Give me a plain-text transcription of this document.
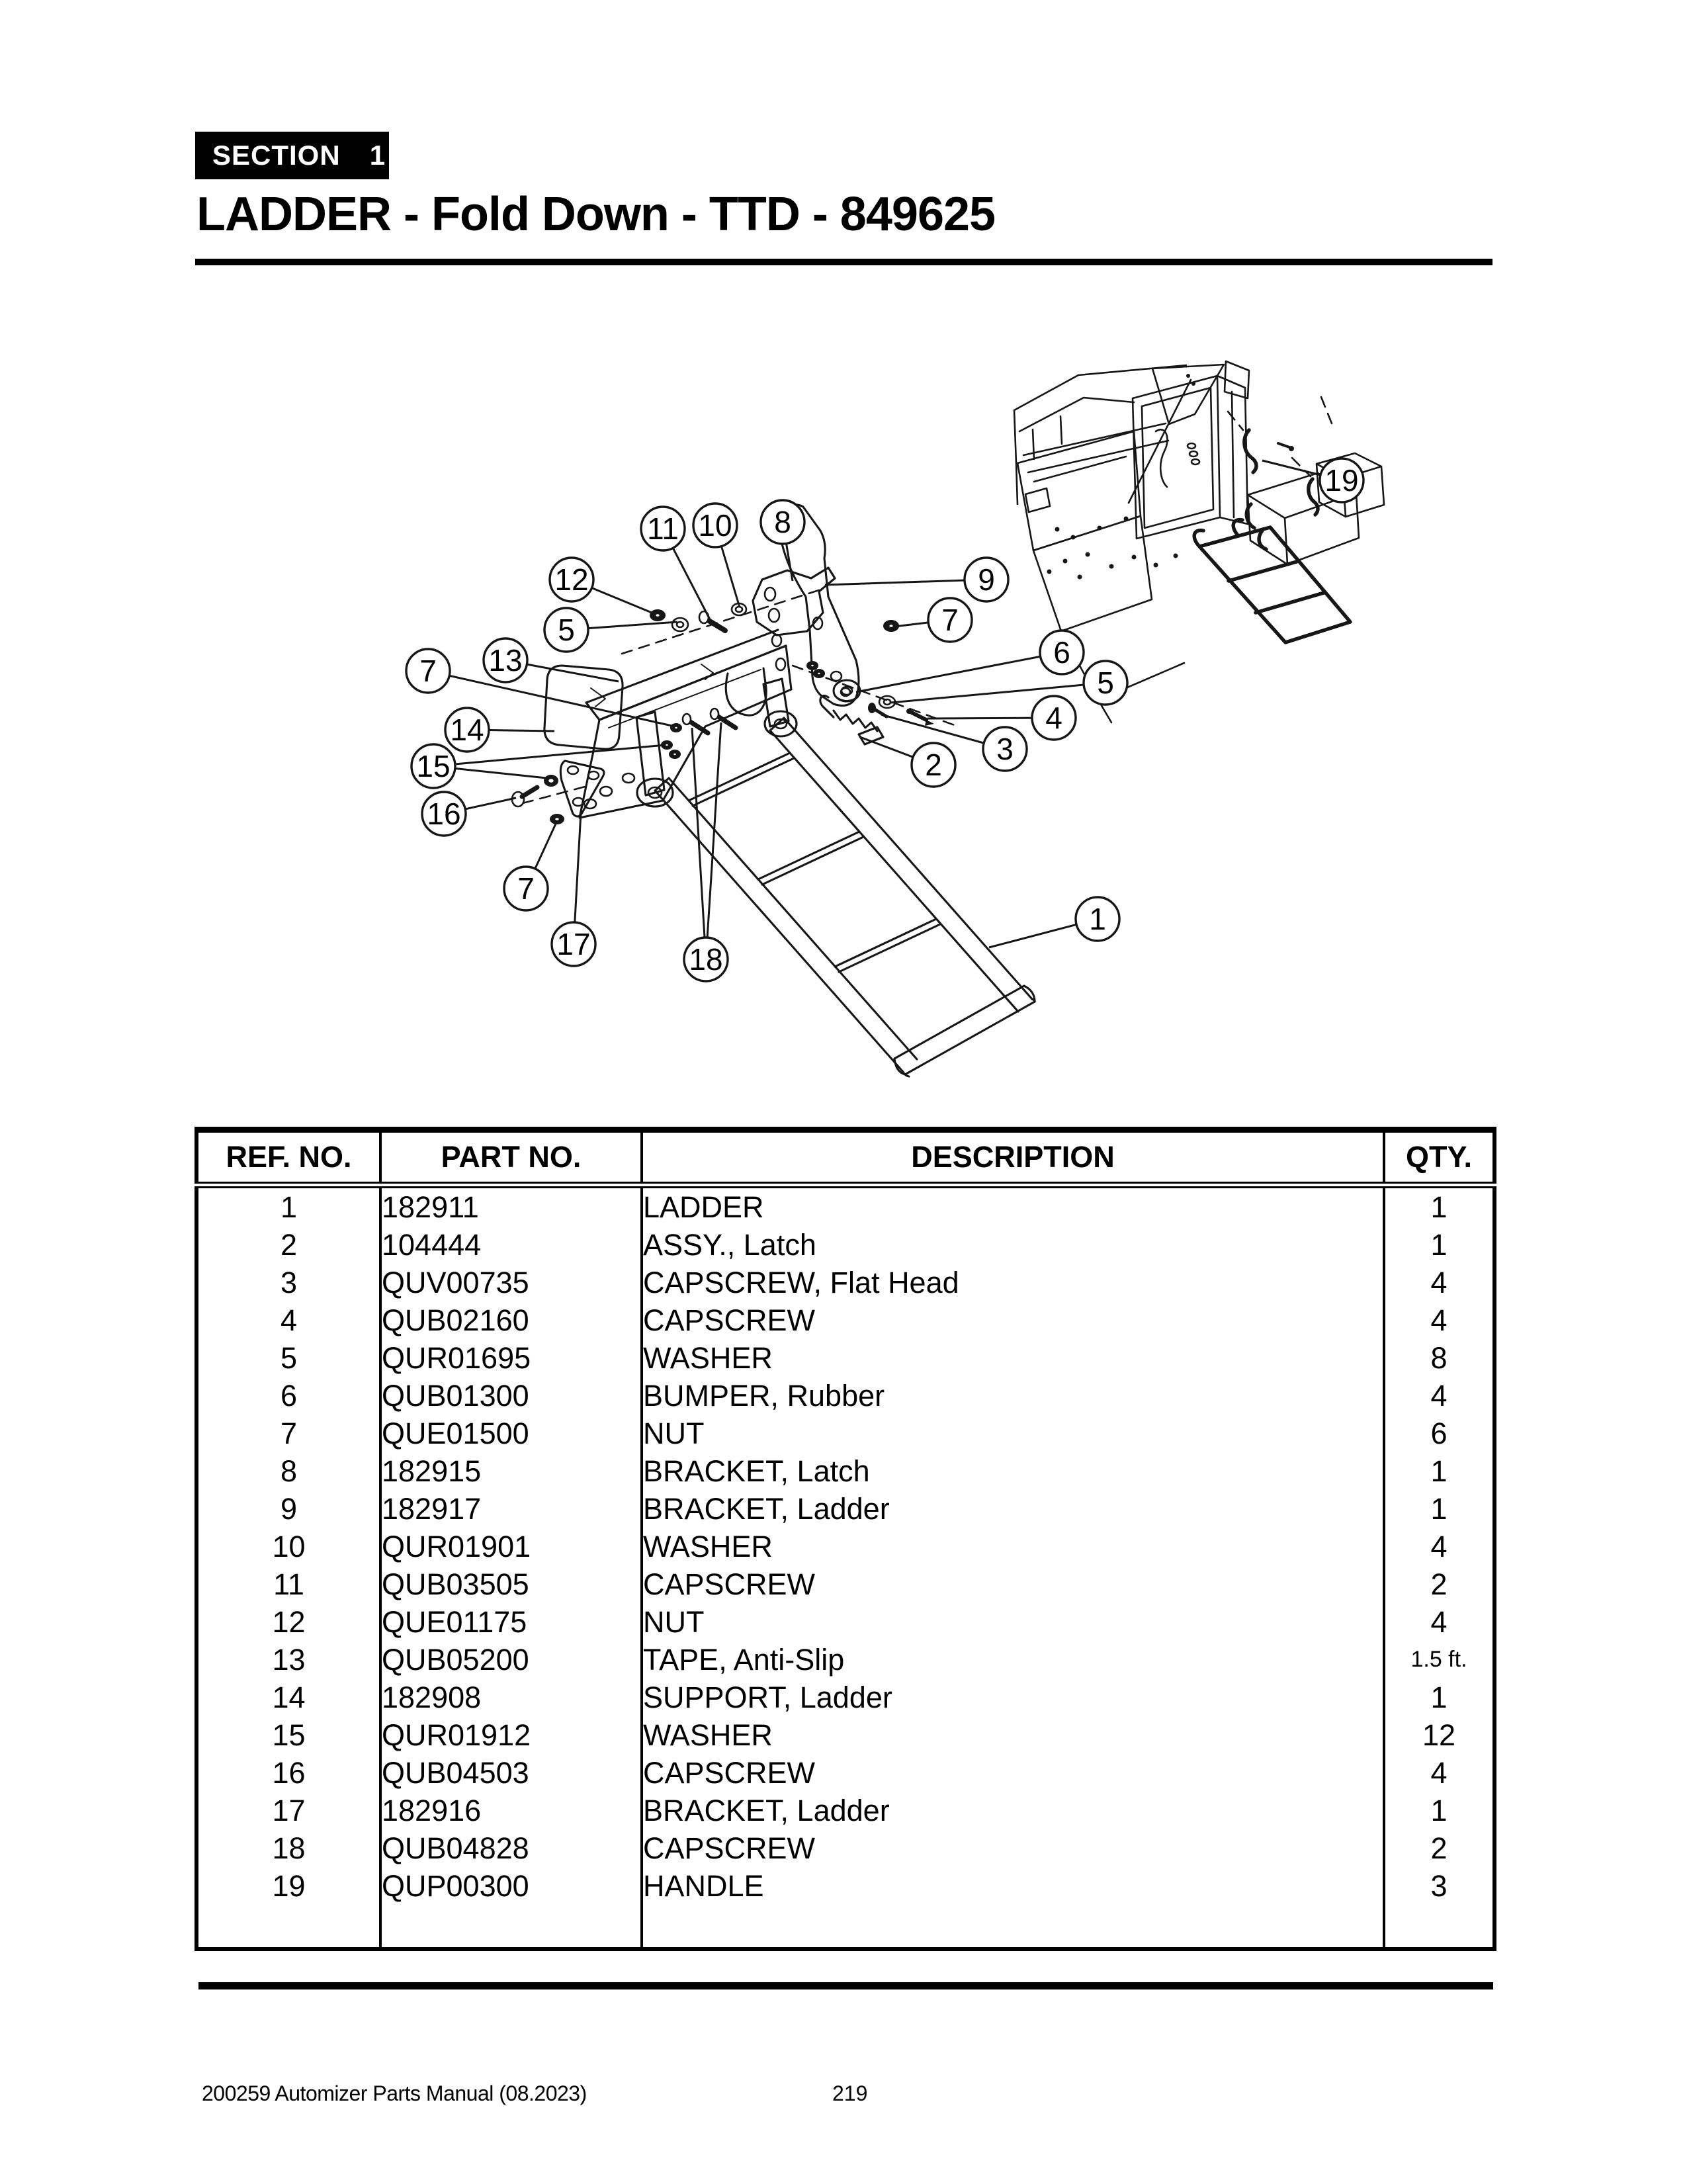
SECTION 1
LADDER - Fold Down - TTD - 849625
11 10 8
12
5
13
7
14
15
16
7
17	18
1
2 3
4
5
6
7
9
19
REF. NO.	PART NO.	DESCRIPTION	QTY.
1	182911	LADDER	1
2	104444	ASSY., Latch	1
3	QUV00735	CAPSCREW, Flat Head	4
4	QUB02160	CAPSCREW	4
5	QUR01695	WASHER	8
6	QUB01300	BUMPER, Rubber	4
7	QUE01500	NUT	6
8	182915	BRACKET, Latch	1
9	182917	BRACKET, Ladder	1
10	QUR01901	WASHER	4
11	QUB03505	CAPSCREW	2
12	QUE01175	NUT	4
13	QUB05200	TAPE, Anti-Slip	1.5 ft.
14	182908	SUPPORT, Ladder	1
15	QUR01912	WASHER	12
16	QUB04503	CAPSCREW	4
17	182916	BRACKET, Ladder	1
18	QUB04828	CAPSCREW	2
19	QUP00300	HANDLE	3

200259 Automizer Parts Manual (08.2023)	219
